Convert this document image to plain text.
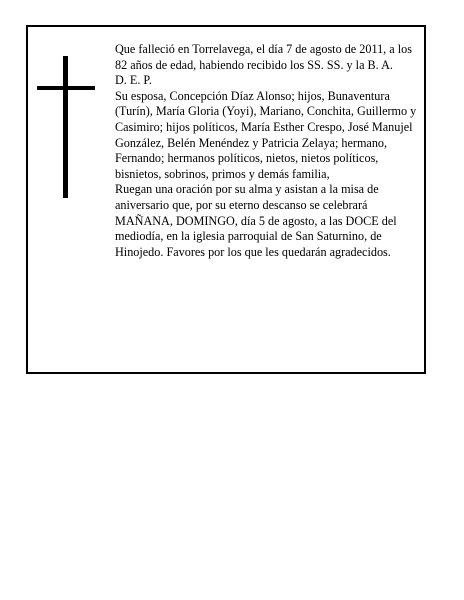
Que falleció en Torrelavega, el día 7 de agosto de 2011, a los 82 años de edad, habiendo recibido los SS. SS. y la B. A.

D. E. P.

Su esposa, Concepción Díaz Alonso; hijos, Bunaventura (Turín), María Gloria (Yoyi), Mariano, Conchita, Guillermo y Casimiro; hijos políticos, María Esther Crespo, José Manujel González, Belén Menéndez y Patricia Zelaya; hermano, Fernando; hermanos políticos, nietos, nietos políticos, bisnietos, sobrinos, primos y demás familia,

Ruegan una oración por su alma y asistan a la misa de aniversario que, por su eterno descanso se celebrará MAÑANA, DOMINGO, día 5 de agosto, a las DOCE del mediodía, en la iglesia parroquial de San Saturnino, de Hinojedo. Favores por los que les quedarán agradecidos.
